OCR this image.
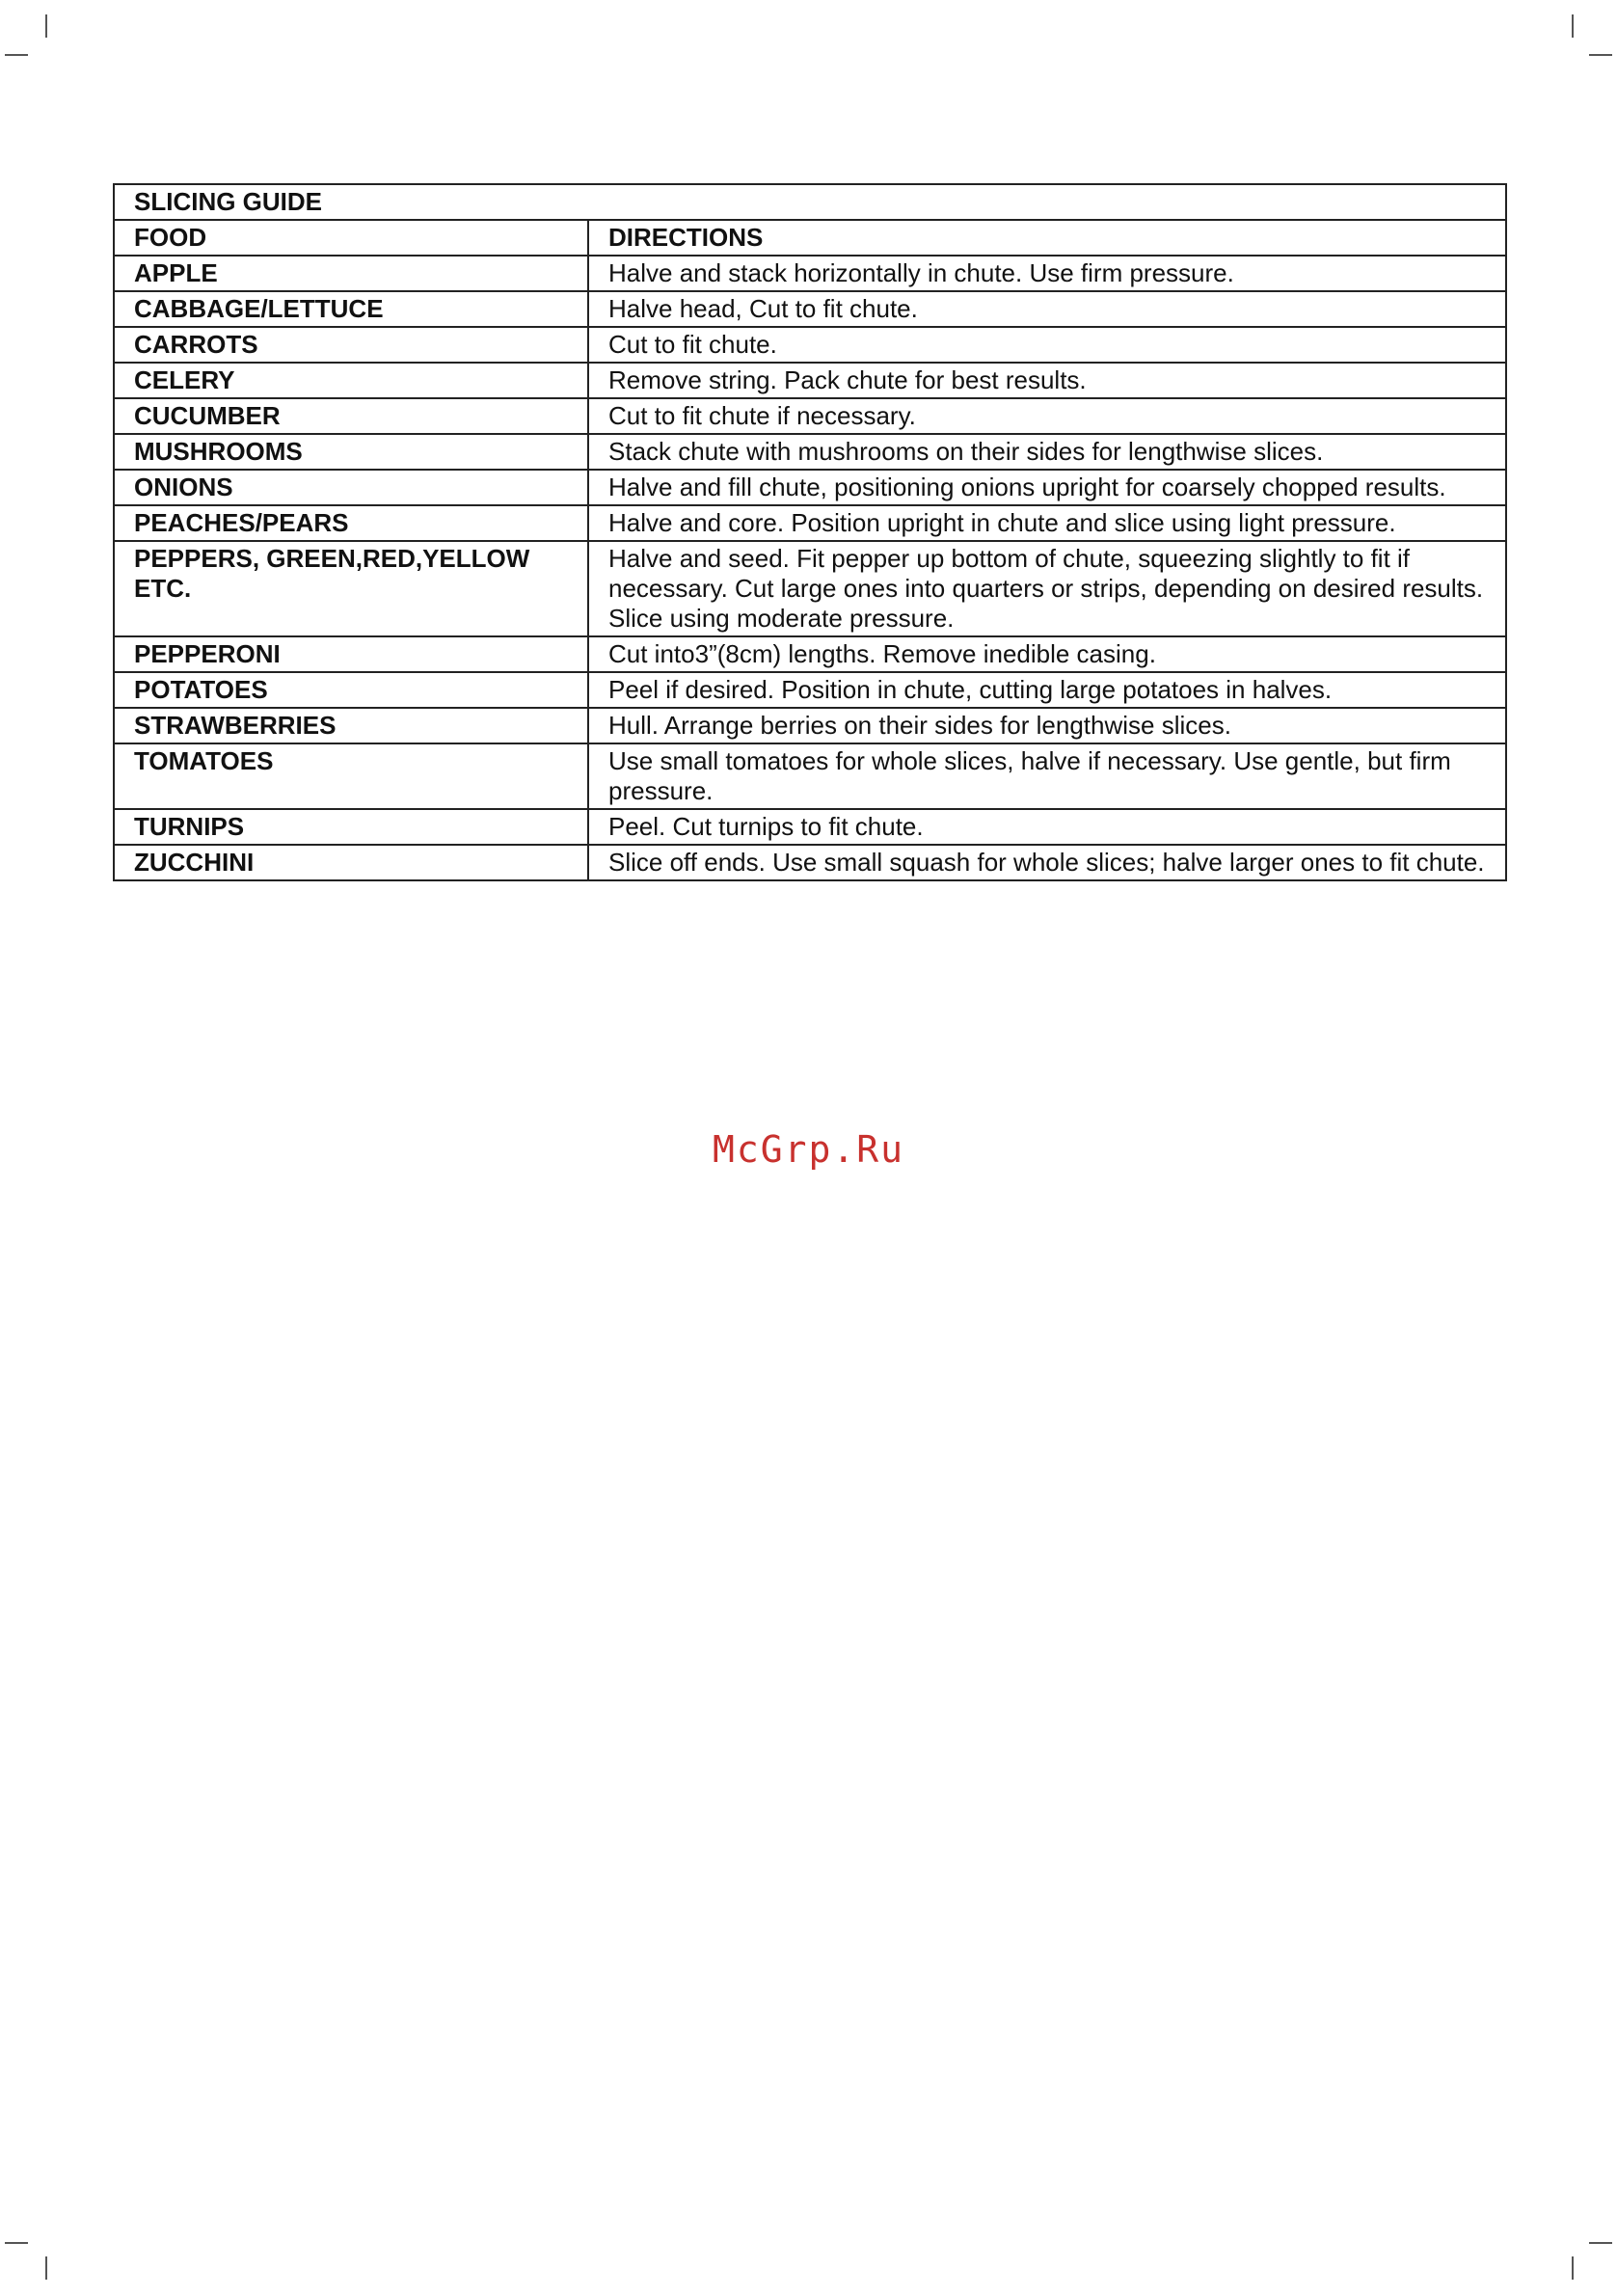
SLICING GUIDE	
FOOD	DIRECTIONS
APPLE	Halve and stack horizontally in chute. Use firm pressure.
CABBAGE/LETTUCE	Halve head, Cut to fit chute.
CARROTS	Cut to fit chute.
CELERY	Remove string. Pack chute for best results.
CUCUMBER	Cut to fit chute if necessary.
MUSHROOMS	Stack chute with mushrooms on their sides for lengthwise slices.
ONIONS	Halve and fill chute, positioning onions upright for coarsely chopped results.
PEACHES/PEARS	Halve and core. Position upright in chute and slice using light pressure.
PEPPERS, GREEN,RED,YELLOW ETC.	Halve and seed. Fit pepper up bottom of chute, squeezing slightly to fit if necessary. Cut large ones into quarters or strips, depending on desired results. Slice using moderate pressure.
PEPPERONI	Cut into3”(8cm) lengths. Remove inedible casing.
POTATOES	Peel if desired. Position in chute, cutting large potatoes in halves.
STRAWBERRIES	Hull. Arrange berries on their sides for lengthwise slices.
TOMATOES	Use small tomatoes for whole slices, halve if necessary. Use gentle, but firm pressure.
TURNIPS	Peel. Cut turnips to fit chute.
ZUCCHINI	Slice off ends. Use small squash for whole slices; halve larger ones to fit chute.
McGrp.Ru
